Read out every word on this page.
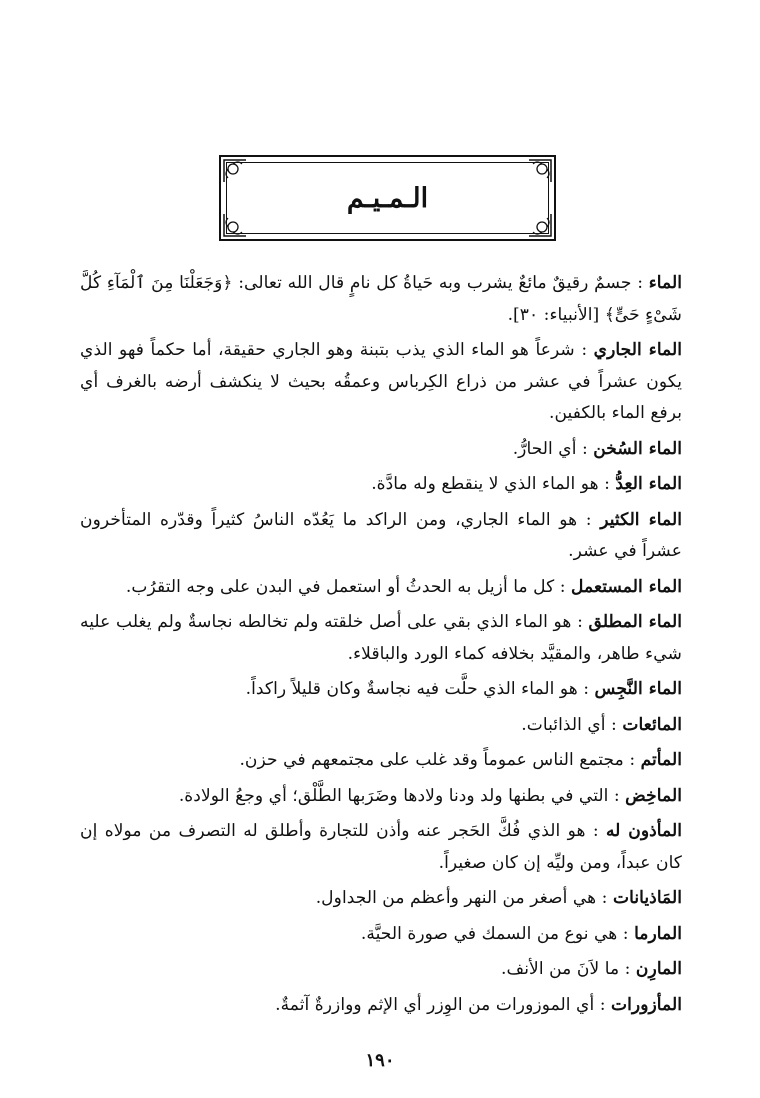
الـمـيـم

الماء : جسمٌ رقيقٌ مائعٌ يشرب وبه حَياةُ كل نامٍ قال الله تعالى: ﴿وَجَعَلْنَا مِنَ ٱلْمَآءِ كُلَّ شَىْءٍ حَىٍّ﴾ [الأنبياء: ٣٠].

الماء الجاري : شرعاً هو الماء الذي يذب بتبنة وهو الجاري حقيقة، أما حكماً فهو الذي يكون عشراً في عشر من ذراع الكِرباس وعمقُه بحيث لا ينكشف أرضه بالغرف أي برفع الماء بالكفين.

الماء السُخن : أي الحارُّ.

الماء العِدُّ : هو الماء الذي لا ينقطع وله مادَّة.

الماء الكثير : هو الماء الجاري، ومن الراكد ما يَعُدّه الناسُ كثيراً وقدّره المتأخرون عشراً في عشر.

الماء المستعمل : كل ما أزيل به الحدثُ أو استعمل في البدن على وجه التقرُب.

الماء المطلق : هو الماء الذي بقي على أصل خلقته ولم تخالطه نجاسةٌ ولم يغلب عليه شيء طاهر، والمقيَّد بخلافه كماء الورد والباقلاء.

الماء النَّجِس : هو الماء الذي حلَّت فيه نجاسةٌ وكان قليلاً راكداً.

المائعات : أي الذائبات.

المأتم : مجتمع الناس عموماً وقد غلب على مجتمعهم في حزن.

الماخِض : التي في بطنها ولد ودنا ولادها وضَرَبها الطَّلْق؛ أي وجعُ الولادة.

المأذون له : هو الذي فُكَّ الحَجر عنه وأذن للتجارة وأطلق له التصرف من مولاه إن كان عبداً، ومن وليِّه إن كان صغيراً.

المَاذيانات : هي أصغر من النهر وأعظم من الجداول.

المارما : هي نوع من السمك في صورة الحيَّة.

المارِن : ما لاَنَ من الأنف.

المأزورات : أي الموزورات من الوِزر أي الإثم ووازرةٌ آثمةٌ.

١٩٠
